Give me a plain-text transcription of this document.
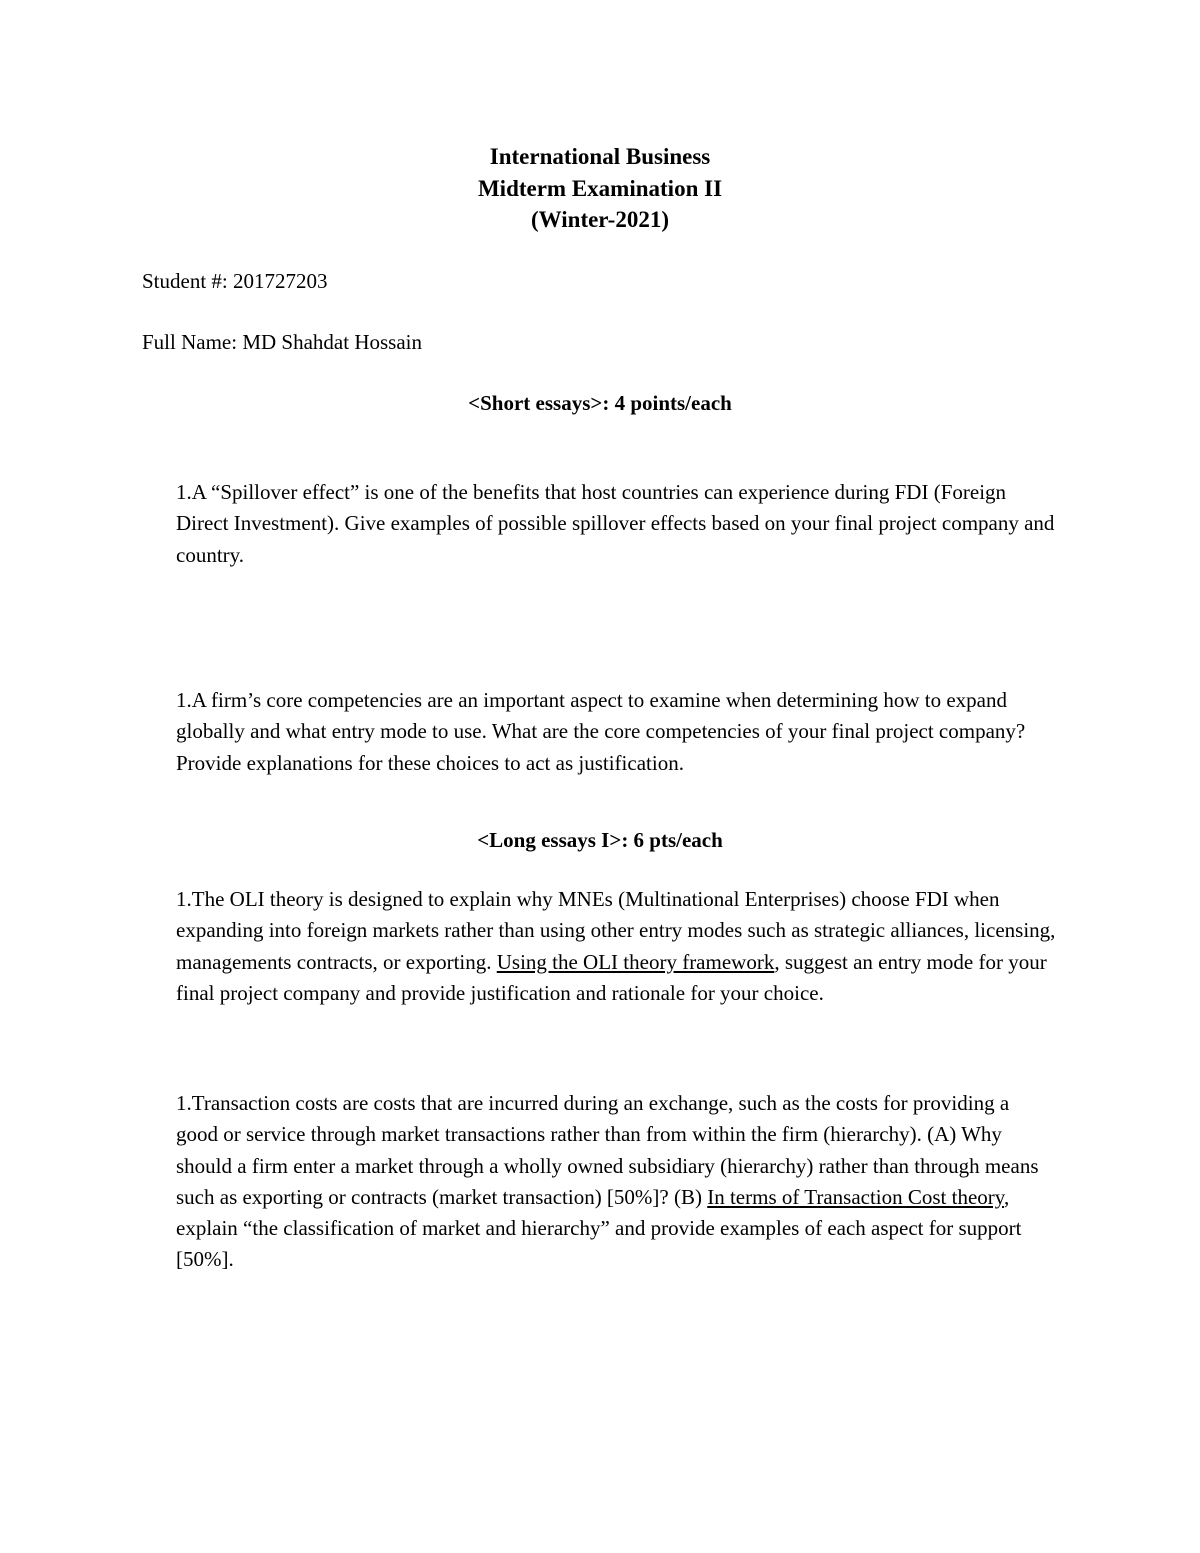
International Business
Midterm Examination II
(Winter-2021)
Student #: 201727203
Full Name: MD Shahdat Hossain
<Short essays>: 4 points/each
1.A “Spillover effect” is one of the benefits that host countries can experience during FDI (Foreign Direct Investment). Give examples of possible spillover effects based on your final project company and country.
1.A firm’s core competencies are an important aspect to examine when determining how to expand globally and what entry mode to use. What are the core competencies of your final project company? Provide explanations for these choices to act as justification.
<Long essays I>: 6 pts/each
1.The OLI theory is designed to explain why MNEs (Multinational Enterprises) choose FDI when expanding into foreign markets rather than using other entry modes such as strategic alliances, licensing, managements contracts, or exporting. Using the OLI theory framework, suggest an entry mode for your final project company and provide justification and rationale for your choice.
1.Transaction costs are costs that are incurred during an exchange, such as the costs for providing a good or service through market transactions rather than from within the firm (hierarchy). (A) Why should a firm enter a market through a wholly owned subsidiary (hierarchy) rather than through means such as exporting or contracts (market transaction) [50%]? (B) In terms of Transaction Cost theory, explain “the classification of market and hierarchy” and provide examples of each aspect for support [50%].
